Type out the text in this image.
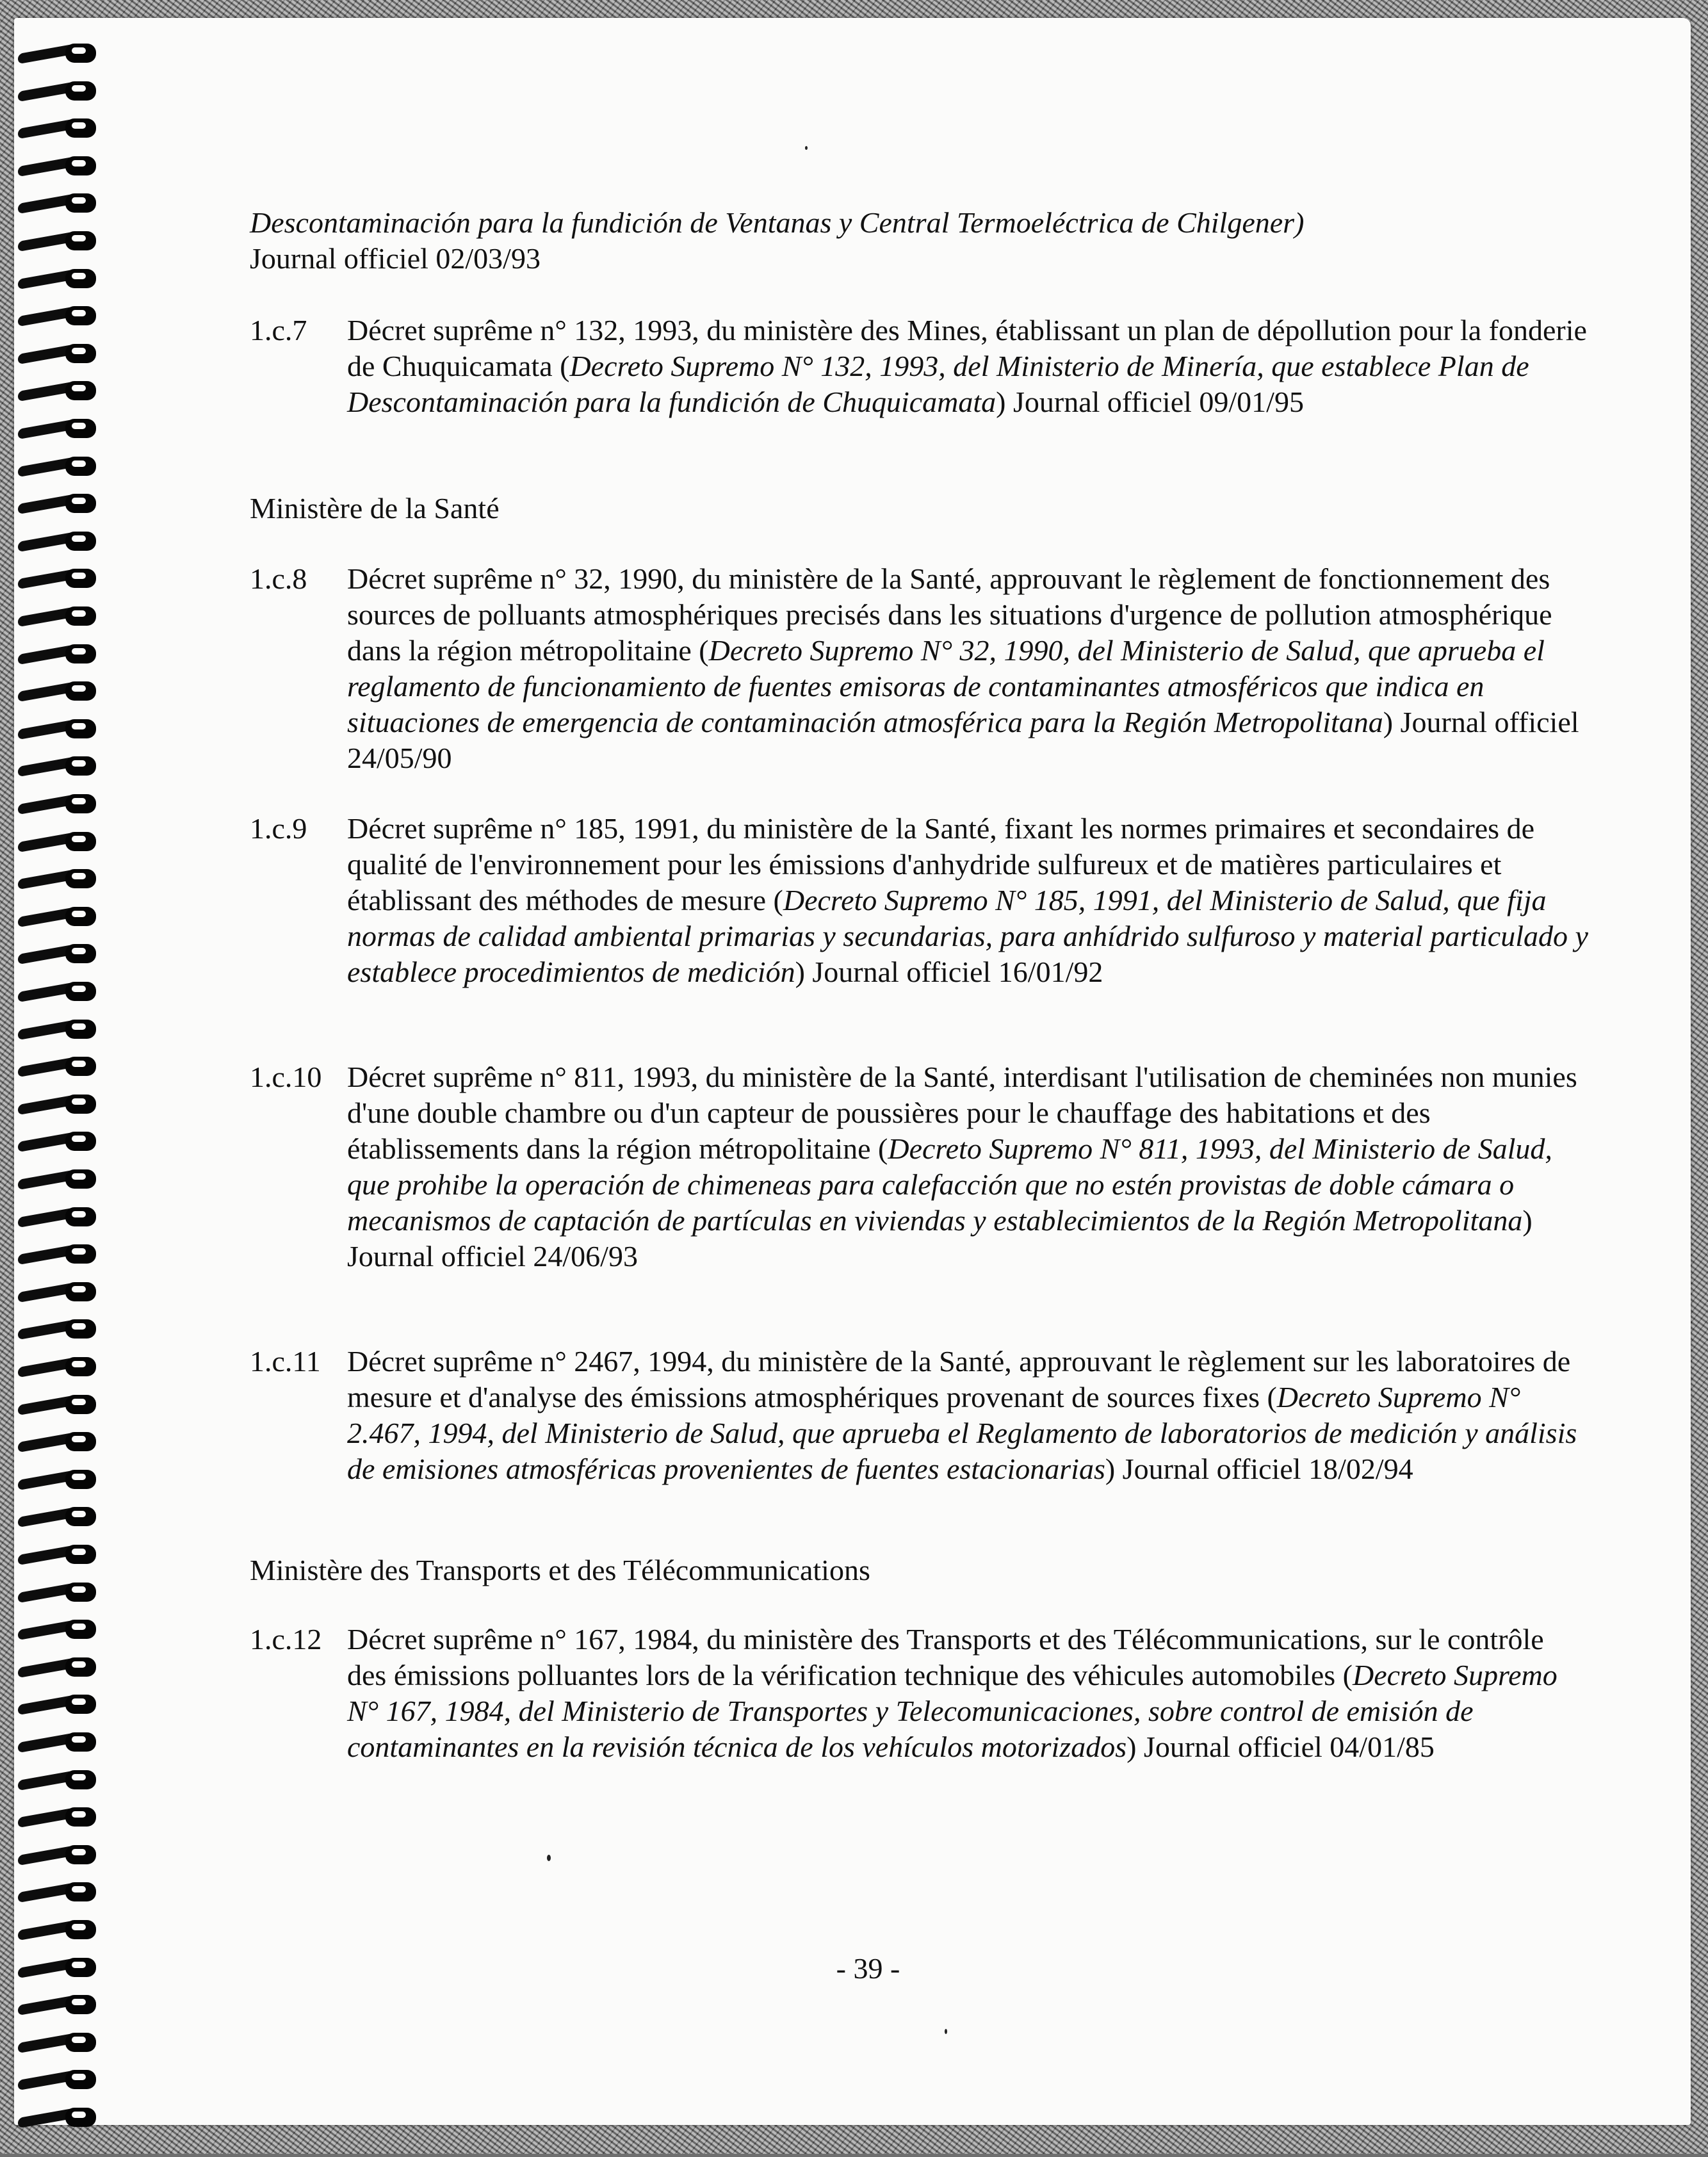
Descontaminación para la fundición de Ventanas y Central Termoeléctrica de Chilgener)
Journal officiel 02/03/93
1.c.7	Décret suprême n° 132, 1993, du ministère des Mines, établissant un plan de dépollution pour la fonderie de Chuquicamata (Decreto Supremo N° 132, 1993, del Ministerio de Minería, que establece Plan de Descontaminación para la fundición de Chuquicamata) Journal officiel 09/01/95
Ministère de la Santé
1.c.8	Décret suprême n° 32, 1990, du ministère de la Santé, approuvant le règlement de fonctionnement des sources de polluants atmosphériques precisés dans les situations d'urgence de pollution atmosphérique dans la région métropolitaine (Decreto Supremo N° 32, 1990, del Ministerio de Salud, que aprueba el reglamento de funcionamiento de fuentes emisoras de contaminantes atmosféricos que indica en situaciones de emergencia de contaminación atmosférica para la Región Metropolitana) Journal officiel 24/05/90
1.c.9	Décret suprême n° 185, 1991, du ministère de la Santé, fixant les normes primaires et secondaires de qualité de l'environnement pour les émissions d'anhydride sulfureux et de matières particulaires et établissant des méthodes de mesure (Decreto Supremo N° 185, 1991, del Ministerio de Salud, que fija normas de calidad ambiental primarias y secundarias, para anhídrido sulfuroso y material particulado y establece procedimientos de medición) Journal officiel 16/01/92
1.c.10 Décret suprême n° 811, 1993, du ministère de la Santé, interdisant l'utilisation de cheminées non munies d'une double chambre ou d'un capteur de poussières pour le chauffage des habitations et des établissements dans la région métropolitaine (Decreto Supremo N° 811, 1993, del Ministerio de Salud, que prohibe la operación de chimeneas para calefacción que no estén provistas de doble cámara o mecanismos de captación de partículas en viviendas y establecimientos de la Región Metropolitana) Journal officiel 24/06/93
1.c.11 Décret suprême n° 2467, 1994, du ministère de la Santé, approuvant le règlement sur les laboratoires de mesure et d'analyse des émissions atmosphériques provenant de sources fixes (Decreto Supremo N° 2.467, 1994, del Ministerio de Salud, que aprueba el Reglamento de laboratorios de medición y análisis de emisiones atmosféricas provenientes de fuentes estacionarias) Journal officiel 18/02/94
Ministère des Transports et des Télécommunications
1.c.12 Décret suprême n° 167, 1984, du ministère des Transports et des Télécommunications, sur le contrôle des émissions polluantes lors de la vérification technique des véhicules automobiles (Decreto Supremo N° 167, 1984, del Ministerio de Transportes y Telecomunicaciones, sobre control de emisión de contaminantes en la revisión técnica de los vehículos motorizados) Journal officiel 04/01/85
- 39 -
